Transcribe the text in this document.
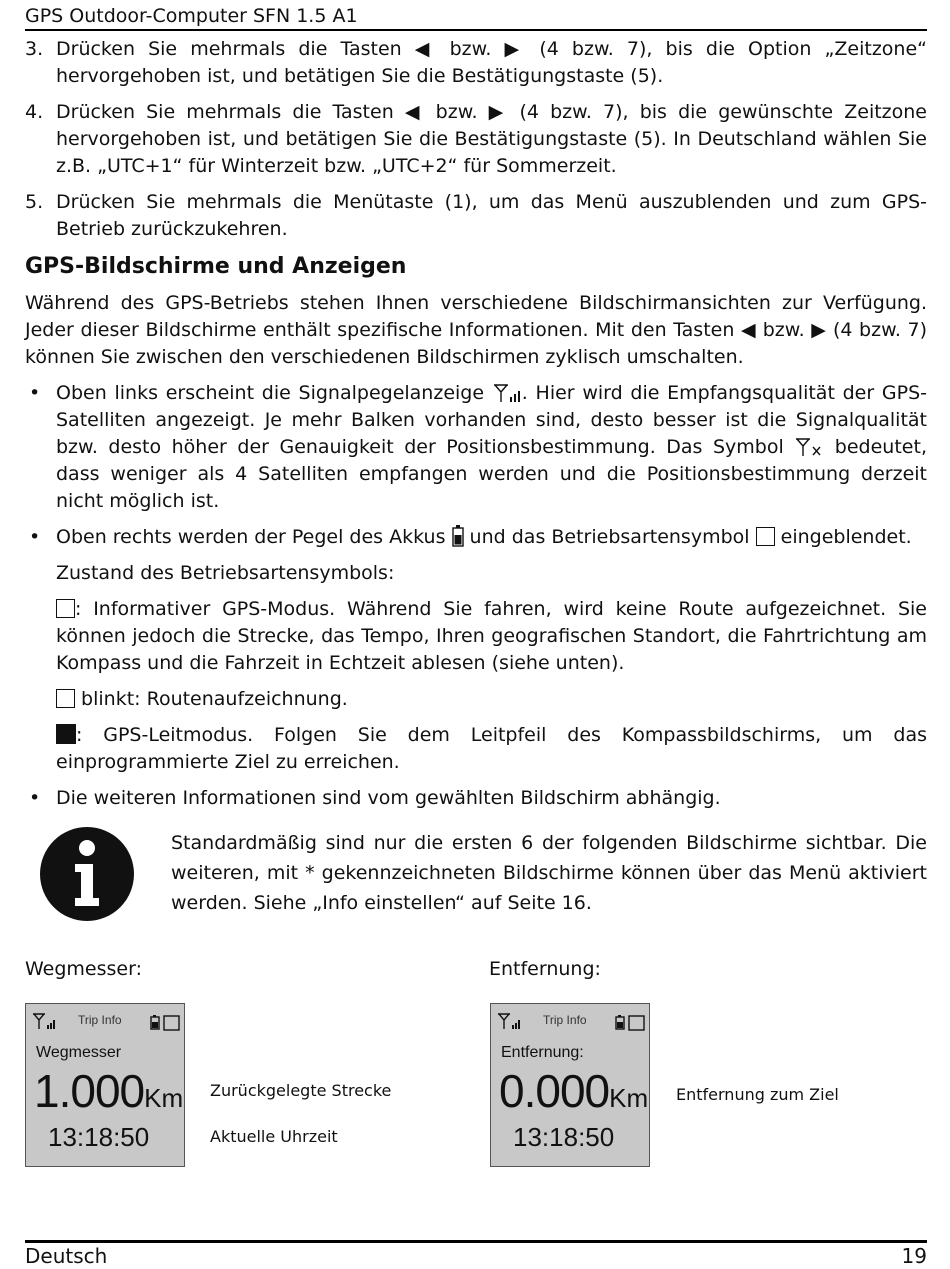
GPS Outdoor-Computer SFN 1.5 A1
3. Drücken Sie mehrmals die Tasten ◀ bzw. ▶ (4 bzw. 7), bis die Option „Zeitzone“ hervorgehoben ist, und betätigen Sie die Bestätigungstaste (5).
4. Drücken Sie mehrmals die Tasten ◀ bzw. ▶ (4 bzw. 7), bis die gewünschte Zeitzone hervorgehoben ist, und betätigen Sie die Bestätigungstaste (5). In Deutschland wählen Sie z.B. „UTC+1“ für Winterzeit bzw. „UTC+2“ für Sommerzeit.
5. Drücken Sie mehrmals die Menütaste (1), um das Menü auszublenden und zum GPS-Betrieb zurückzukehren.
GPS-Bildschirme und Anzeigen

Während des GPS-Betriebs stehen Ihnen verschiedene Bildschirmansichten zur Verfügung. Jeder dieser Bildschirme enthält spezifische Informationen. Mit den Tasten ◀ bzw. ▶ (4 bzw. 7) können Sie zwischen den verschiedenen Bildschirmen zyklisch umschalten.

• Oben links erscheint die Signalpegelanzeige . Hier wird die Empfangsqualität der GPS-Satelliten angezeigt. Je mehr Balken vorhanden sind, desto besser ist die Signalqualität bzw. desto höher der Genauigkeit der Positionsbestimmung. Das Symbol  bedeutet, dass weniger als 4 Satelliten empfangen werden und die Positionsbestimmung derzeit nicht möglich ist.
• Oben rechts werden der Pegel des Akkus  und das Betriebsartensymbol  eingeblendet.

Zustand des Betriebsartensymbols:

: Informativer GPS-Modus. Während Sie fahren, wird keine Route aufgezeichnet. Sie können jedoch die Strecke, das Tempo, Ihren geografischen Standort, die Fahrtrichtung am Kompass und die Fahrzeit in Echtzeit ablesen (siehe unten).

blinkt: Routenaufzeichnung.

: GPS-Leitmodus. Folgen Sie dem Leitpfeil des Kompassbildschirms, um das einprogrammierte Ziel zu erreichen.

• Die weiteren Informationen sind vom gewählten Bildschirm abhängig.
Standardmäßig sind nur die ersten 6 der folgenden Bildschirme sichtbar. Die weiteren, mit * gekennzeichneten Bildschirme können über das Menü aktiviert werden. Siehe „Info einstellen“ auf Seite 16.
Wegmesser:
Trip Info
Wegmesser
1.000Km
13:18:50
Zurückgelegte Strecke
Aktuelle Uhrzeit
Entfernung:
Trip Info
Entfernung:
0.000Km
13:18:50
Entfernung zum Ziel
Deutsch	19
